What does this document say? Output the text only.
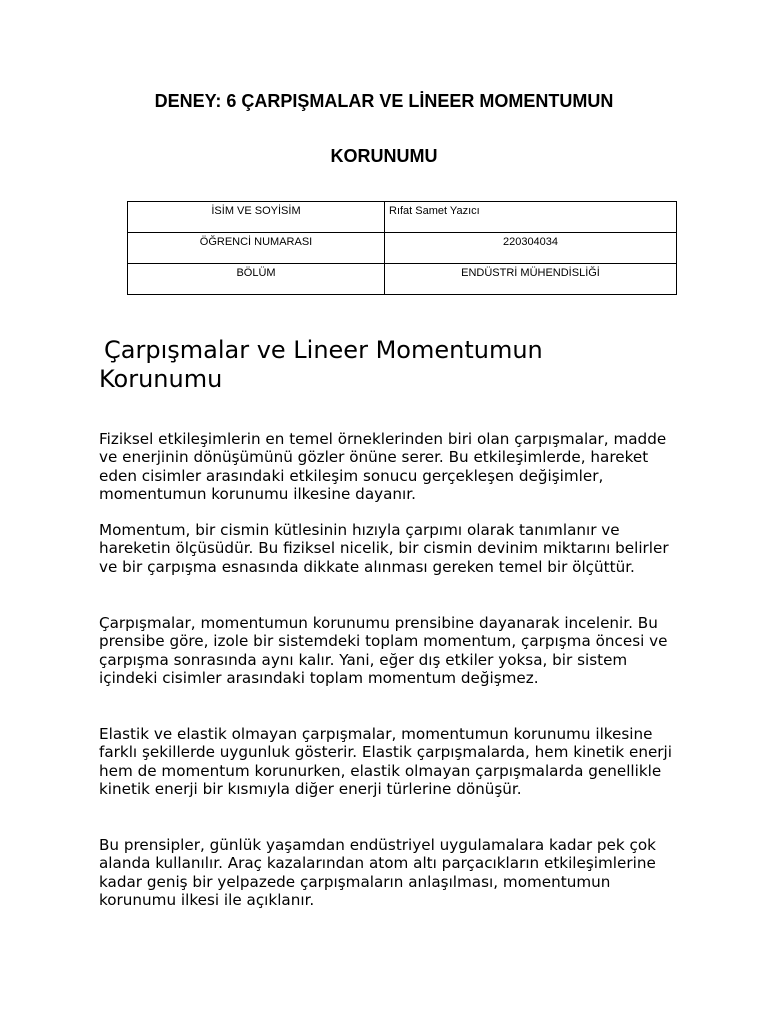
DENEY: 6 ÇARPIŞMALAR VE LİNEER MOMENTUMUN
KORUNUMU
İSİM VE SOYİSİM	Rıfat Samet Yazıcı
ÖĞRENCİ NUMARASI	220304034
BÖLÜM	ENDÜSTRİ MÜHENDİSLİĞİ
Çarpışmalar ve Lineer Momentumun
Korunumu

Fiziksel etkileşimlerin en temel örneklerinden biri olan çarpışmalar, madde ve enerjinin dönüşümünü gözler önüne serer. Bu etkileşimlerde, hareket eden cisimler arasındaki etkileşim sonucu gerçekleşen değişimler, momentumun korunumu ilkesine dayanır.

Momentum, bir cismin kütlesinin hızıyla çarpımı olarak tanımlanır ve hareketin ölçüsüdür. Bu fiziksel nicelik, bir cismin devinim miktarını belirler ve bir çarpışma esnasında dikkate alınması gereken temel bir ölçüttür.

Çarpışmalar, momentumun korunumu prensibine dayanarak incelenir. Bu prensibe göre, izole bir sistemdeki toplam momentum, çarpışma öncesi ve çarpışma sonrasında aynı kalır. Yani, eğer dış etkiler yoksa, bir sistem içindeki cisimler arasındaki toplam momentum değişmez.

Elastik ve elastik olmayan çarpışmalar, momentumun korunumu ilkesine farklı şekillerde uygunluk gösterir. Elastik çarpışmalarda, hem kinetik enerji hem de momentum korunurken, elastik olmayan çarpışmalarda genellikle kinetik enerji bir kısmıyla diğer enerji türlerine dönüşür.

Bu prensipler, günlük yaşamdan endüstriyel uygulamalara kadar pek çok alanda kullanılır. Araç kazalarından atom altı parçacıkların etkileşimlerine kadar geniş bir yelpazede çarpışmaların anlaşılması, momentumun korunumu ilkesi ile açıklanır.
